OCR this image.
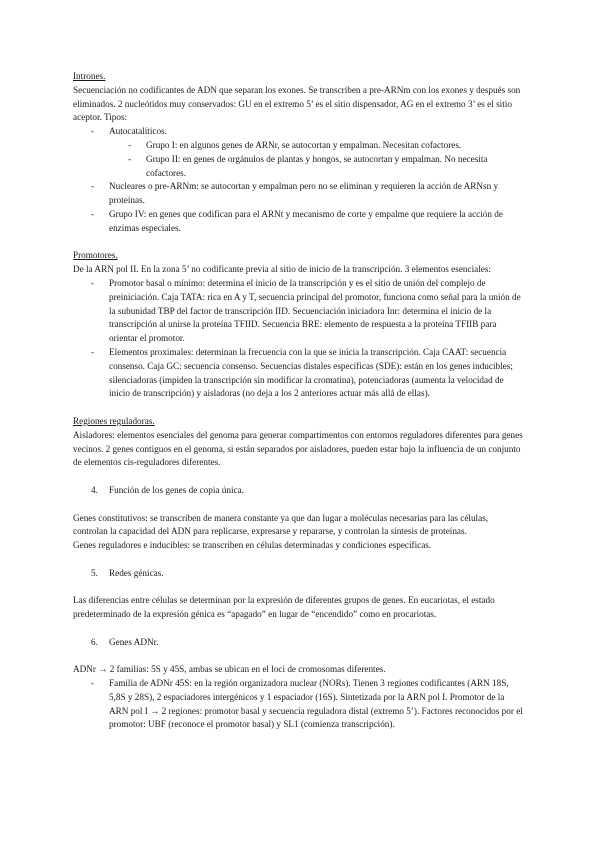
Intrones.

Secuenciación no codificantes de ADN que separan los exones. Se transcriben a pre-ARNm con los exones y después son eliminados. 2 nucleótidos muy conservados: GU en el extremo 5’ es el sitio dispensador, AG en el extremo 3’ es el sitio aceptor. Tipos:

- Autocatalíticos.
- Grupo I: en algunos genes de ARNr, se autocortan y empalman. Necesitan cofactores.
- Grupo II: en genes de orgánulos de plantas y hongos, se autocortan y empalman. No necesita cofactores.
- Nucleares o pre-ARNm: se autocortan y empalman pero no se eliminan y requieren la acción de ARNsn y proteínas.
- Grupo IV: en genes que codifican para el ARNt y mecanismo de corte y empalme que requiere la acción de enzimas especiales.

Promotores.

De la ARN pol II. En la zona 5’ no codificante previa al sitio de inicio de la transcripción. 3 elementos esenciales:

- Promotor basal o mínimo: determina el inicio de la transcripción y es el sitio de unión del complejo de preiniciación. Caja TATA: rica en A y T, secuencia principal del promotor, funciona como señal para la unión de la subunidad TBP del factor de transcripción IID. Secuenciación iniciadora Inr: determina el inicio de la transcripción al unirse la proteína TFIID. Secuencia BRE: elemento de respuesta a la proteína TFIIB para orientar el promotor.
- Elementos proximales: determinan la frecuencia con la que se inicia la transcripción. Caja CAAT: secuencia consenso. Caja GC: secuencia consenso. Secuencias distales específicas (SDE): están en los genes inducibles; silenciadoras (impiden la transcripción sin modificar la cromatina), potenciadoras (aumenta la velocidad de inicio de transcripción) y aisladoras (no deja a los 2 anteriores actuar más allá de ellas).

Regiones reguladoras.

Aisladores: elementos esenciales del genoma para generar compartimentos con entornos reguladores diferentes para genes vecinos. 2 genes contiguos en el genoma, si están separados por aisladores, pueden estar bajo la influencia de un conjunto de elementos cis-reguladores diferentes.

4. Función de los genes de copia única.

Genes constitutivos: se transcriben de manera constante ya que dan lugar a moléculas necesarias para las células, controlan la capacidad del ADN para replicarse, expresarse y repararse, y controlan la síntesis de proteínas.

Genes reguladores e inducibles: se transcriben en células determinadas y condiciones específicas.

5. Redes génicas.

Las diferencias entre células se determinan por la expresión de diferentes grupos de genes. En eucariotas, el estado predeterminado de la expresión génica es “apagado” en lugar de “encendido” como en procariotas.

6. Genes ADNr.

ADNr → 2 familias: 5S y 45S, ambas se ubican en el loci de cromosomas diferentes.

- Familia de ADNr 45S: en la región organizadora nuclear (NORs). Tienen 3 regiones codificantes (ARN 18S, 5,8S y 28S), 2 espaciadores intergénicos y 1 espaciador (16S). Sintetizada por la ARN pol I. Promotor de la ARN pol I → 2 regiones: promotor basal y secuencia reguladora distal (extremo 5’). Factores reconocidos por el promotor: UBF (reconoce el promotor basal) y SL1 (comienza transcripción).
